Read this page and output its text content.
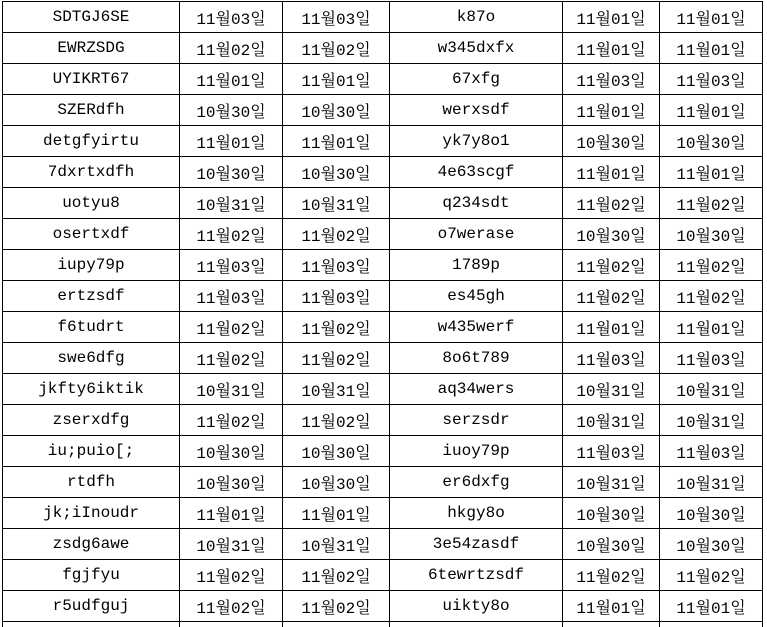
SDTGJ6SE	11월03일	11월03일	k87o	11월01일	11월01일
EWRZSDG	11월02일	11월02일	w345dxfx	11월01일	11월01일
UYIKRT67	11월01일	11월01일	67xfg	11월03일	11월03일
SZERdfh	10월30일	10월30일	werxsdf	11월01일	11월01일
detgfyirtu	11월01일	11월01일	yk7y8o1	10월30일	10월30일
7dxrtxdfh	10월30일	10월30일	4e63scgf	11월01일	11월01일
uotyu8	10월31일	10월31일	q234sdt	11월02일	11월02일
osertxdf	11월02일	11월02일	o7werase	10월30일	10월30일
iupy79p	11월03일	11월03일	1789p	11월02일	11월02일
ertzsdf	11월03일	11월03일	es45gh	11월02일	11월02일
f6tudrt	11월02일	11월02일	w435werf	11월01일	11월01일
swe6dfg	11월02일	11월02일	8o6t789	11월03일	11월03일
jkfty6iktik	10월31일	10월31일	aq34wers	10월31일	10월31일
zserxdfg	11월02일	11월02일	serzsdr	10월31일	10월31일
iu;puio[;	10월30일	10월30일	iuoy79p	11월03일	11월03일
rtdfh	10월30일	10월30일	er6dxfg	10월31일	10월31일
jk;iInoudr	11월01일	11월01일	hkgy8o	10월30일	10월30일
zsdg6awe	10월31일	10월31일	3e54zasdf	10월30일	10월30일
fgjfyu	11월02일	11월02일	6tewrtzsdf	11월02일	11월02일
r5udfguj	11월02일	11월02일	uikty8o	11월01일	11월01일
